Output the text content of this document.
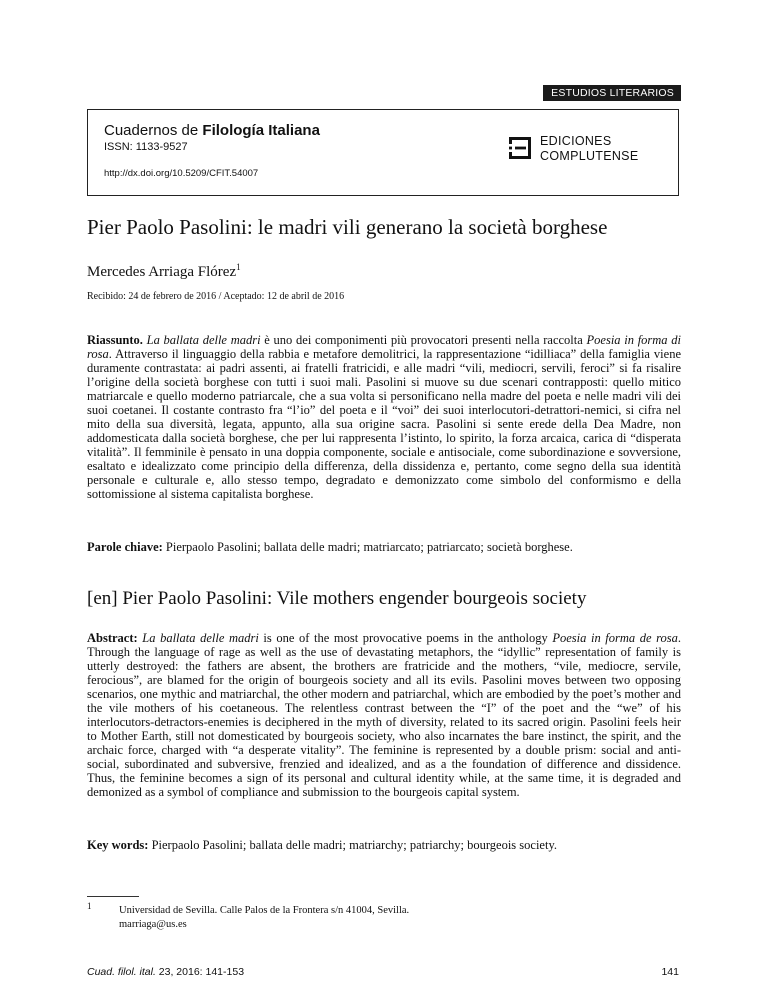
ESTUDIOS LITERARIOS
Cuadernos de Filología Italiana
ISSN: 1133-9527
http://dx.doi.org/10.5209/CFIT.54007
EDICIONES
COMPLUTENSE
Pier Paolo Pasolini: le madri vili generano la società borghese
Mercedes Arriaga Flórez$^1$
Recibido: 24 de febrero de 2016 / Aceptado: 12 de abril de 2016

Riassunto. La ballata delle madri è uno dei componimenti più provocatori presenti nella raccolta Poesia in forma di rosa. Attraverso il linguaggio della rabbia e metafore demolitrici, la rappresentazione “idilliaca” della famiglia viene duramente contrastata: ai padri assenti, ai fratelli fratricidi, e alle madri “vili, mediocri, servili, feroci” si fa risalire l’origine della società borghese con tutti i suoi mali. Pasolini si muove su due scenari contrapposti: quello mitico matriarcale e quello moderno patriarcale, che a sua volta si personificano nella madre del poeta e nelle madri vili dei suoi coetanei. Il costante contrasto fra “l’io” del poeta e il “voi” dei suoi interlocutori-detrattori-nemici, si cifra nel mito della sua diversità, legata, appunto, alla sua origine sacra. Pasolini si sente erede della Dea Madre, non addomesticata dalla società borghese, che per lui rappresenta l’istinto, lo spirito, la forza arcaica, carica di “disperata vitalità”. Il femminile è pensato in una doppia componente, sociale e antisociale, come subordinazione e sovversione, esaltato e idealizzato come principio della differenza, della dissidenza e, pertanto, come segno della sua identità personale e culturale e, allo stesso tempo, degradato e demonizzato come simbolo del conformismo e della sottomissione al sistema capitalista borghese.

Parole chiave: Pierpaolo Pasolini; ballata delle madri; matriarcato; patriarcato; società borghese.
[en] Pier Paolo Pasolini: Vile mothers engender bourgeois society

Abstract: La ballata delle madri is one of the most provocative poems in the anthology Poesia in forma de rosa. Through the language of rage as well as the use of devastating metaphors, the “idyllic” representation of family is utterly destroyed: the fathers are absent, the brothers are fratricide and the mothers, “vile, mediocre, servile, ferocious”, are blamed for the origin of bourgeois society and all its evils. Pasolini moves between two opposing scenarios, one mythic and matriarchal, the other modern and patriarchal, which are embodied by the poet’s mother and the vile mothers of his coetaneous. The relentless contrast between the “I” of the poet and the “we” of his interlocutors-detractors-enemies is deciphered in the myth of diversity, related to its sacred origin. Pasolini feels heir to Mother Earth, still not domesticated by bourgeois society, who also incarnates the bare instinct, the spirit, and the archaic force, charged with “a desperate vitality”. The feminine is represented by a double prism: social and anti-social, subordinated and subversive, frenzied and idealized, and as a the foundation of difference and dissidence. Thus, the feminine becomes a sign of its personal and cultural identity while, at the same time, it is degraded and demonized as a symbol of compliance and submission to the bourgeois capital system.

Key words: Pierpaolo Pasolini; ballata delle madri; matriarchy; patriarchy; bourgeois society.
1	Universidad de Sevilla. Calle Palos de la Frontera s/n 41004, Sevilla.
marriaga@us.es
Cuad. filol. ital. 23, 2016: 141-153	141
